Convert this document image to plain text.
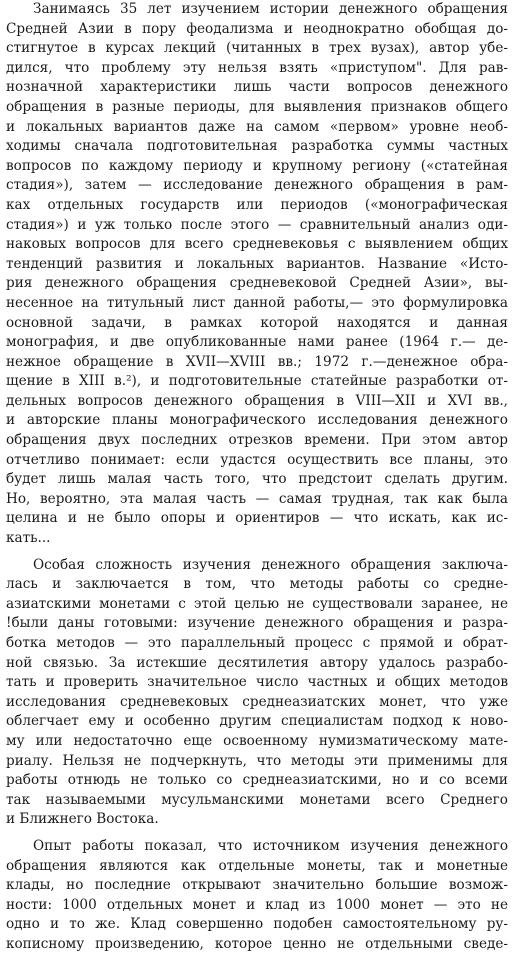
Занимаясь 35 лет изучением истории денежного обращения
Средней Азии в пору феодализма и неоднократно обобщая до-
стигнутое в курсах лекций (читанных в трех вузах), автор убе-
дился, что проблему эту нельзя взять «приступом". Для рав-
нозначной характеристики лишь части вопросов денежного
обращения в разные периоды, для выявления признаков общего
и локальных вариантов даже на самом «первом» уровне необ-
ходимы сначала подготовительная разработка суммы частных
вопросов по каждому периоду и крупному региону («статейная
стадия»), затем — исследование денежного обращения в рам-
ках отдельных государств или периодов («монографическая
стадия») и уж только после этого — сравнительный анализ оди-
наковых вопросов для всего средневековья с выявлением общих
тенденций развития и локальных вариантов. Название «Исто-
рия денежного обращения средневековой Средней Азии», вы-
несенное на титульный лист данной работы,— это формулировка
основной задачи, в рамках которой находятся и данная
монография, и две опубликованные нами ранее (1964 г.— де-
нежное обращение в XVII—XVIII вв.; 1972 г.—денежное обра-
щение в XIII в.²), и подготовительные статейные разработки от-
дельных вопросов денежного обращения в VIII—XII и XVI вв.,
и авторские планы монографического исследования денежного
обращения двух последних отрезков времени. При этом автор
отчетливо понимает: если удастся осуществить все планы, это
будет лишь малая часть того, что предстоит сделать другим.
Но, вероятно, эта малая часть — самая трудная, так как была
целина и не было опоры и ориентиров — что искать, как ис-
кать...
Особая сложность изучения денежного обращения заключа-
лась и заключается в том, что методы работы со средне-
азиатскими монетами с этой целью не существовали заранее, не
!были даны готовыми: изучение денежного обращения и разра-
ботка методов — это параллельный процесс с прямой и обрат-
ной связью. За истекшие десятилетия автору удалось разрабо-
тать и проверить значительное число частных и общих методов
исследования средневековых среднеазиатских монет, что уже
облегчает ему и особенно другим специалистам подход к ново-
му или недостаточно еще освоенному нумизматическому мате-
риалу. Нельзя не подчеркнуть, что методы эти применимы для
работы отнюдь не только со среднеазиатскими, но и со всеми
так называемыми мусульманскими монетами всего Среднего
и Ближнего Востока.
Опыт работы показал, что источником изучения денежного
обращения являются как отдельные монеты, так и монетные
клады, но последние открывают значительно большие возмож-
ности: 1000 отдельных монет и клад из 1000 монет — это не
одно и то же. Клад совершенно подобен самостоятельному ру-
кописному произведению, которое ценно не отдельными сведе-
